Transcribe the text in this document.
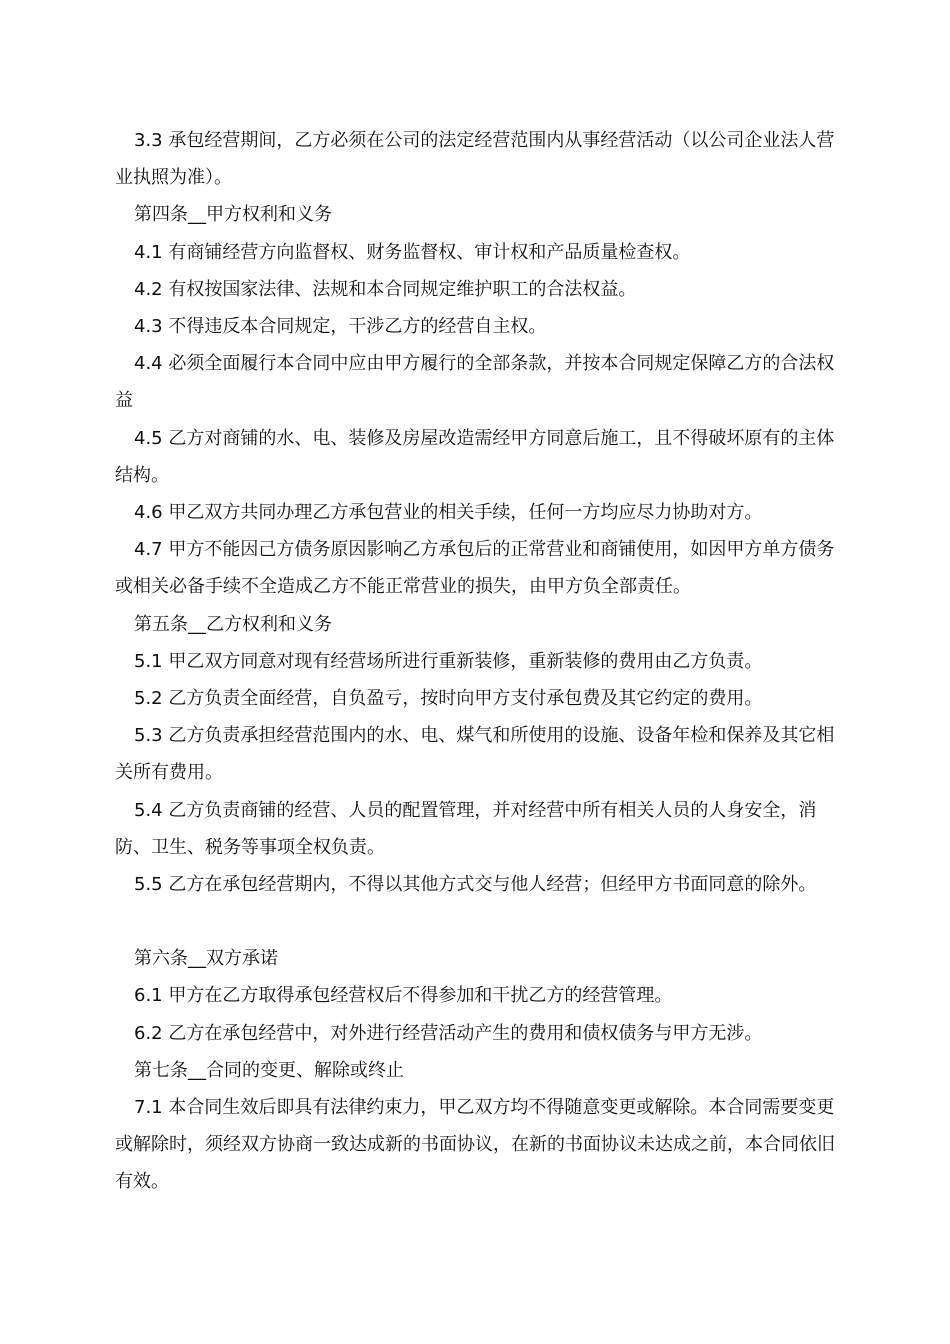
3.3 承包经营期间，乙方必须在公司的法定经营范围内从事经营活动（以公司企业法人营业执照为准）。

第四条__甲方权利和义务

4.1 有商铺经营方向监督权、财务监督权、审计权和产品质量检查权。

4.2 有权按国家法律、法规和本合同规定维护职工的合法权益。

4.3 不得违反本合同规定，干涉乙方的经营自主权。

4.4 必须全面履行本合同中应由甲方履行的全部条款，并按本合同规定保障乙方的合法权益

4.5 乙方对商铺的水、电、装修及房屋改造需经甲方同意后施工，且不得破坏原有的主体结构。

4.6 甲乙双方共同办理乙方承包营业的相关手续，任何一方均应尽力协助对方。

4.7 甲方不能因己方债务原因影响乙方承包后的正常营业和商铺使用，如因甲方单方债务或相关必备手续不全造成乙方不能正常营业的损失，由甲方负全部责任。

第五条__乙方权利和义务

5.1 甲乙双方同意对现有经营场所进行重新装修，重新装修的费用由乙方负责。

5.2 乙方负责全面经营，自负盈亏，按时向甲方支付承包费及其它约定的费用。

5.3 乙方负责承担经营范围内的水、电、煤气和所使用的设施、设备年检和保养及其它相关所有费用。

5.4 乙方负责商铺的经营、人员的配置管理，并对经营中所有相关人员的人身安全，消防、卫生、税务等事项全权负责。

5.5 乙方在承包经营期内，不得以其他方式交与他人经营；但经甲方书面同意的除外。

第六条__双方承诺

6.1 甲方在乙方取得承包经营权后不得参加和干扰乙方的经营管理。

6.2 乙方在承包经营中，对外进行经营活动产生的费用和债权债务与甲方无涉。

第七条__合同的变更、解除或终止

7.1 本合同生效后即具有法律约束力，甲乙双方均不得随意变更或解除。本合同需要变更或解除时，须经双方协商一致达成新的书面协议，在新的书面协议未达成之前，本合同依旧有效。
